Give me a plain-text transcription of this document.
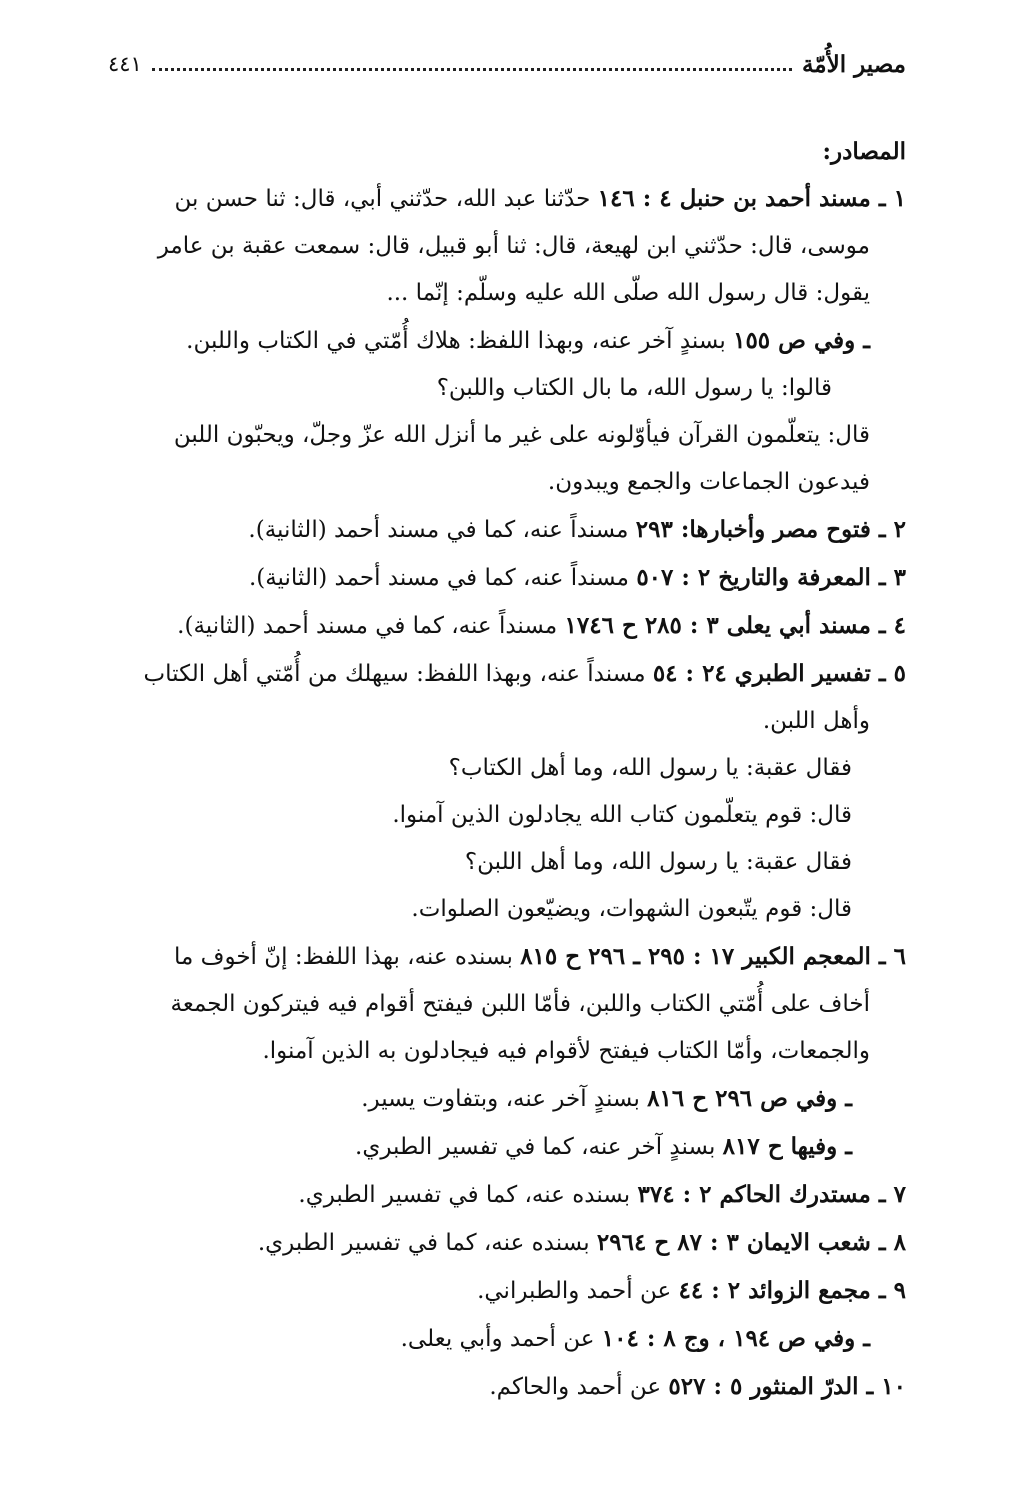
مصير الأُمّة
٤٤١
المصادر:
١ ـ مسند أحمد بن حنبل ٤ : ١٤٦ حدّثنا عبد الله، حدّثني أبي، قال: ثنا حسن بن
موسى، قال: حدّثني ابن لهيعة، قال: ثنا أبو قبيل، قال: سمعت عقبة بن عامر
يقول: قال رسول الله صلّى الله عليه وسلّم: إنّما ...
ـ وفي ص ١٥٥ بسندٍ آخر عنه، وبهذا اللفظ: هلاك أُمّتي في الكتاب واللبن.
قالوا: يا رسول الله، ما بال الكتاب واللبن؟
قال: يتعلّمون القرآن فيأوّلونه على غير ما أنزل الله عزّ وجلّ، ويحبّون اللبن
فيدعون الجماعات والجمع ويبدون.
٢ ـ فتوح مصر وأخبارها: ٢٩٣ مسنداً عنه، كما في مسند أحمد (الثانية).
٣ ـ المعرفة والتاريخ ٢ : ٥٠٧ مسنداً عنه، كما في مسند أحمد (الثانية).
٤ ـ مسند أبي يعلى ٣ : ٢٨٥ ح ١٧٤٦ مسنداً عنه، كما في مسند أحمد (الثانية).
٥ ـ تفسير الطبري ٢٤ : ٥٤ مسنداً عنه، وبهذا اللفظ: سيهلك من أُمّتي أهل الكتاب
وأهل اللبن.
فقال عقبة: يا رسول الله، وما أهل الكتاب؟
قال: قوم يتعلّمون كتاب الله يجادلون الذين آمنوا.
فقال عقبة: يا رسول الله، وما أهل اللبن؟
قال: قوم يتّبعون الشهوات، ويضيّعون الصلوات.
٦ ـ المعجم الكبير ١٧ : ٢٩٥ ـ ٢٩٦ ح ٨١٥ بسنده عنه، بهذا اللفظ: إنّ أخوف ما
أخاف على أُمّتي الكتاب واللبن، فأمّا اللبن فيفتح أقوام فيه فيتركون الجمعة
والجمعات، وأمّا الكتاب فيفتح لأقوام فيه فيجادلون به الذين آمنوا.
ـ وفي ص ٢٩٦ ح ٨١٦ بسندٍ آخر عنه، وبتفاوت يسير.
ـ وفيها ح ٨١٧ بسندٍ آخر عنه، كما في تفسير الطبري.
٧ ـ مستدرك الحاكم ٢ : ٣٧٤ بسنده عنه، كما في تفسير الطبري.
٨ ـ شعب الايمان ٣ : ٨٧ ح ٢٩٦٤ بسنده عنه، كما في تفسير الطبري.
٩ ـ مجمع الزوائد ٢ : ٤٤ عن أحمد والطبراني.
ـ وفي ص ١٩٤ ، وج ٨ : ١٠٤ عن أحمد وأبي يعلى.
١٠ ـ الدرّ المنثور ٥ : ٥٢٧ عن أحمد والحاكم.
